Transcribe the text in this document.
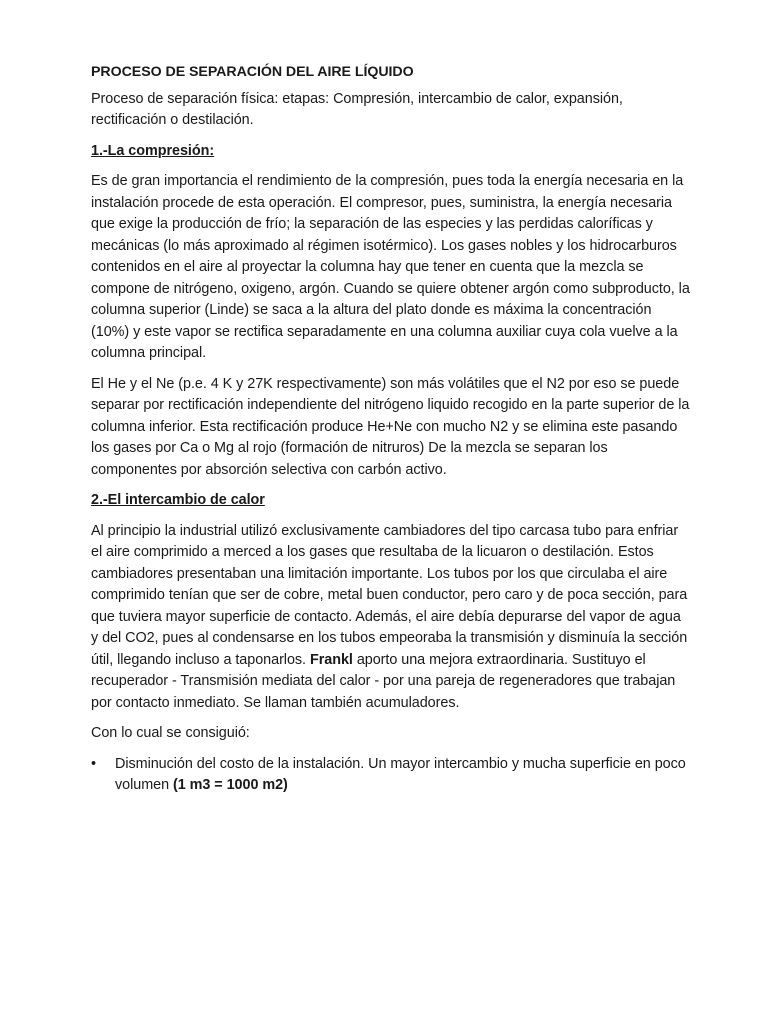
PROCESO DE SEPARACIÓN DEL AIRE LÍQUIDO

Proceso de separación física: etapas: Compresión, intercambio de calor, expansión, rectificación o destilación.

1.-La compresión:

Es de gran importancia el rendimiento de la compresión, pues toda la energía necesaria en la instalación procede de esta operación. El compresor, pues, suministra, la energía necesaria que exige la producción de frío; la separación de las especies y las perdidas caloríficas y mecánicas (lo más aproximado al régimen isotérmico). Los gases nobles y los hidrocarburos contenidos en el aire al proyectar la columna hay que tener en cuenta que la mezcla se compone de nitrógeno, oxigeno, argón. Cuando se quiere obtener argón como subproducto, la columna superior (Linde) se saca a la altura del plato donde es máxima la concentración (10%) y este vapor se rectifica separadamente en una columna auxiliar cuya cola vuelve a la columna principal.

El He y el Ne (p.e. 4 K y 27K respectivamente) son más volátiles que el N2 por eso se puede separar por rectificación independiente del nitrógeno liquido recogido en la parte superior de la columna inferior. Esta rectificación produce He+Ne con mucho N2 y se elimina este pasando los gases por Ca o Mg al rojo (formación de nitruros) De la mezcla se separan los componentes por absorción selectiva con carbón activo.

2.-El intercambio de calor

Al principio la industrial utilizó exclusivamente cambiadores del tipo carcasa tubo para enfriar el aire comprimido a merced a los gases que resultaba de la licuaron o destilación. Estos cambiadores presentaban una limitación importante. Los tubos por los que circulaba el aire comprimido tenían que ser de cobre, metal buen conductor, pero caro y de poca sección, para que tuviera mayor superficie de contacto. Además, el aire debía depurarse del vapor de agua y del CO2, pues al condensarse en los tubos empeoraba la transmisión y disminuía la sección útil, llegando incluso a taponarlos. Frankl aporto una mejora extraordinaria. Sustituyo el recuperador - Transmisión mediata del calor - por una pareja de regeneradores que trabajan por contacto inmediato. Se llaman también acumuladores.

Con lo cual se consiguió:

• Disminución del costo de la instalación. Un mayor intercambio y mucha superficie en poco volumen (1 m3 = 1000 m2)
